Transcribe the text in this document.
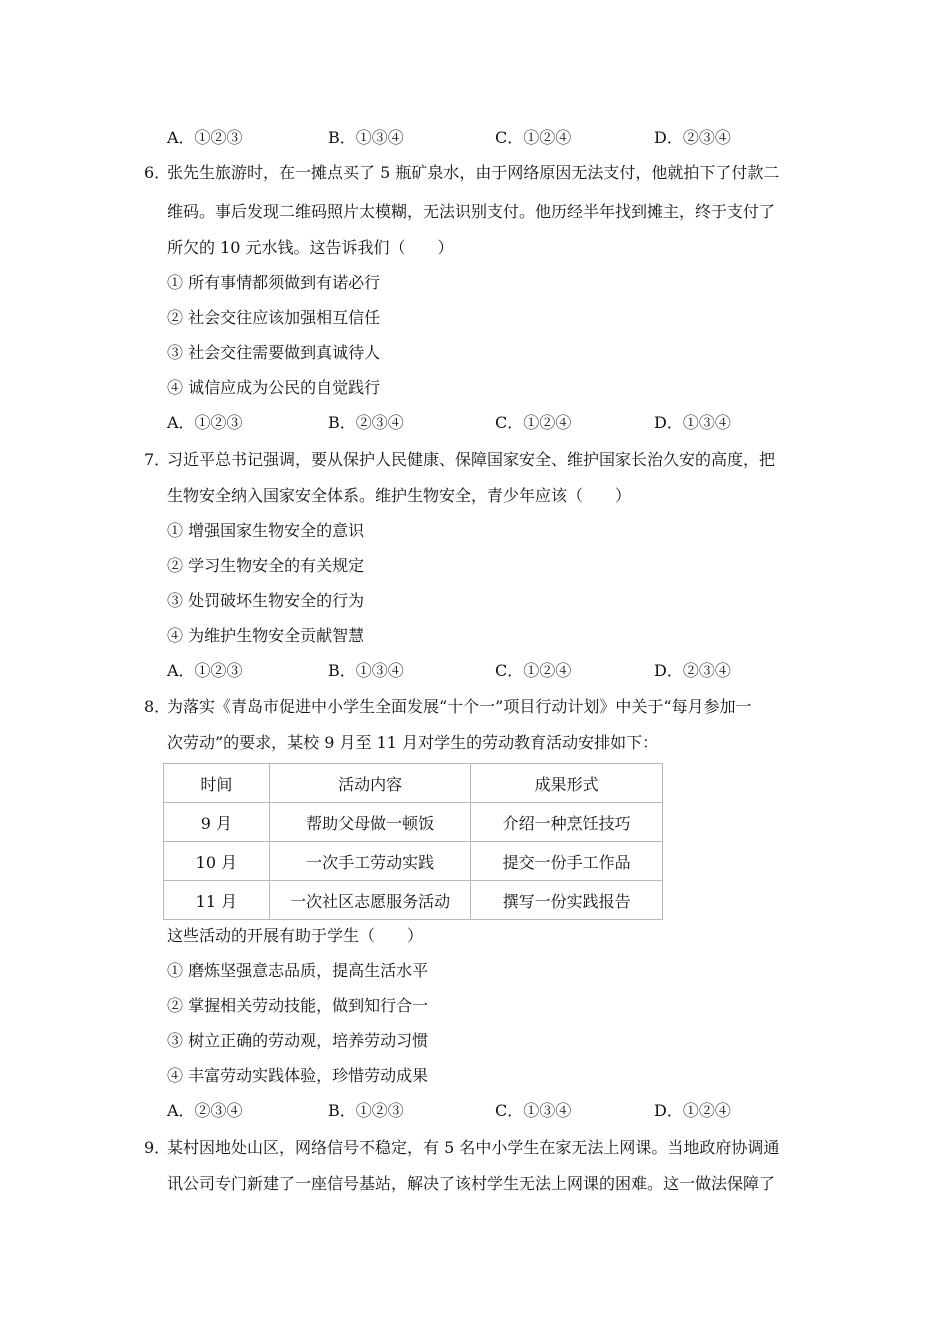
A．①②③	B．①③④	C．①②④	D．②③④
6．
张先生旅游时，在一摊点买了 5 瓶矿泉水，由于网络原因无法支付，他就拍下了付款二
维码。事后发现二维码照片太模糊，无法识别支付。他历经半年找到摊主，终于支付了
所欠的 10 元水钱。这告诉我们（　　）
① 所有事情都须做到有诺必行
② 社会交往应该加强相互信任
③ 社会交往需要做到真诚待人
④ 诚信应成为公民的自觉践行
A．①②③	B．②③④	C．①②④	D．①③④
7．
习近平总书记强调，要从保护人民健康、保障国家安全、维护国家长治久安的高度，把
生物安全纳入国家安全体系。维护生物安全，青少年应该（　　）
① 增强国家生物安全的意识
② 学习生物安全的有关规定
③ 处罚破坏生物安全的行为
④ 为维护生物安全贡献智慧
A．①②③	B．①③④	C．①②④	D．②③④
8．
为落实《青岛市促进中小学生全面发展“十个一”项目行动计划》中关于“每月参加一
次劳动”的要求，某校 9 月至 11 月对学生的劳动教育活动安排如下：
时间	活动内容	成果形式
9 月	帮助父母做一顿饭	介绍一种烹饪技巧
10 月	一次手工劳动实践	提交一份手工作品
11 月	一次社区志愿服务活动	撰写一份实践报告
这些活动的开展有助于学生（　　）
① 磨炼坚强意志品质，提高生活水平
② 掌握相关劳动技能，做到知行合一
③ 树立正确的劳动观，培养劳动习惯
④ 丰富劳动实践体验，珍惜劳动成果
A．②③④	B．①②③	C．①③④	D．①②④
9．
某村因地处山区，网络信号不稳定，有 5 名中小学生在家无法上网课。当地政府协调通
讯公司专门新建了一座信号基站，解决了该村学生无法上网课的困难。这一做法保障了
